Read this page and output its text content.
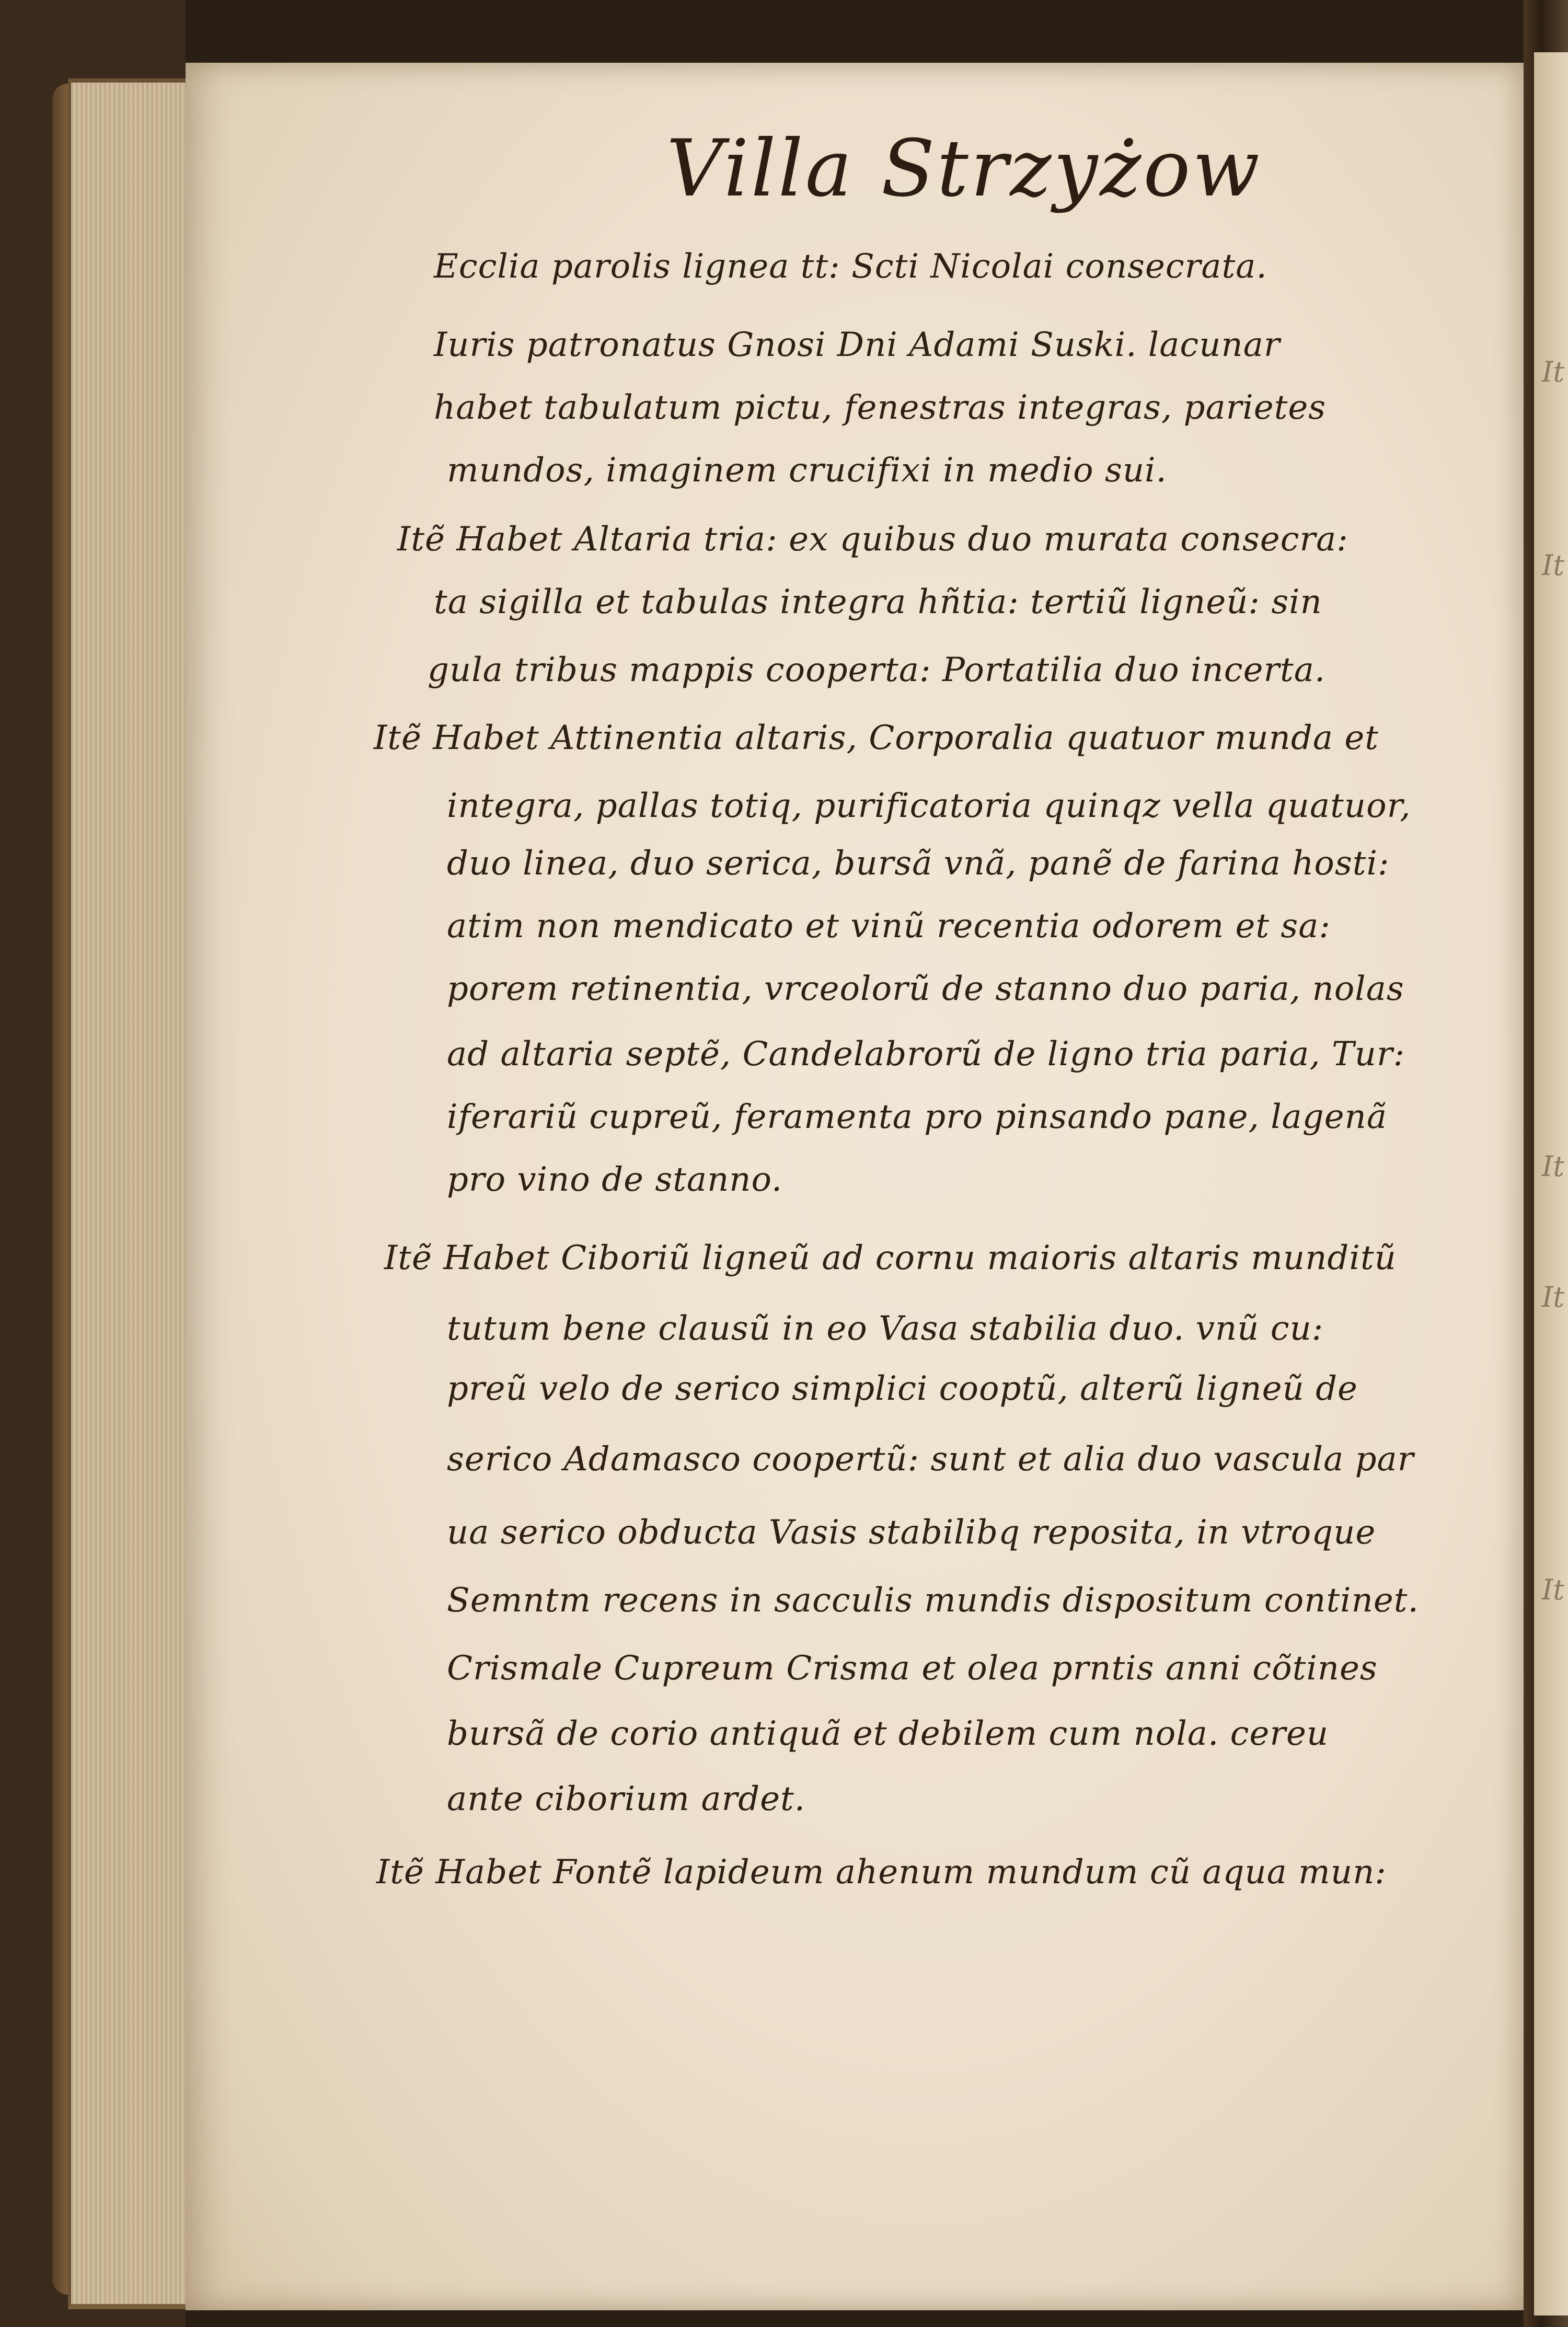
It
It
It
It
It
Villa Strzyżow
Ecclia parolis lignea tt: Scti Nicolai consecrata.
Iuris patronatus Gnosi Dni Adami Suski. lacunar
habet tabulatum pictu, fenestras integras, parietes
mundos, imaginem crucifixi in medio sui.
Itẽ Habet Altaria tria: ex quibus duo murata consecra:
ta sigilla et tabulas integra hñtia: tertiũ ligneũ: sin
gula tribus mappis cooperta: Portatilia duo incerta.
Itẽ Habet Attinentia altaris, Corporalia quatuor munda et
integra, pallas totiq, purificatoria quinqz vella quatuor,
duo linea, duo serica, bursã vnã, panẽ de farina hosti:
atim non mendicato et vinũ recentia odorem et sa:
porem retinentia, vrceolorũ de stanno duo paria, nolas
ad altaria septẽ, Candelabrorũ de ligno tria paria, Tur:
iferariũ cupreũ, feramenta pro pinsando pane, lagenã
pro vino de stanno.
Itẽ Habet Ciboriũ ligneũ ad cornu maioris altaris munditũ
tutum bene clausũ in eo Vasa stabilia duo. vnũ cu:
preũ velo de serico simplici cooptũ, alterũ ligneũ de
serico Adamasco coopertũ: sunt et alia duo vascula par
ua serico obducta Vasis stabilibq reposita, in vtroque
Semntm recens in sacculis mundis dispositum continet.
Crismale Cupreum Crisma et olea prntis anni cõtines
bursã de corio antiquã et debilem cum nola. cereu
ante ciborium ardet.
Itẽ Habet Fontẽ lapideum ahenum mundum cũ aqua mun:
